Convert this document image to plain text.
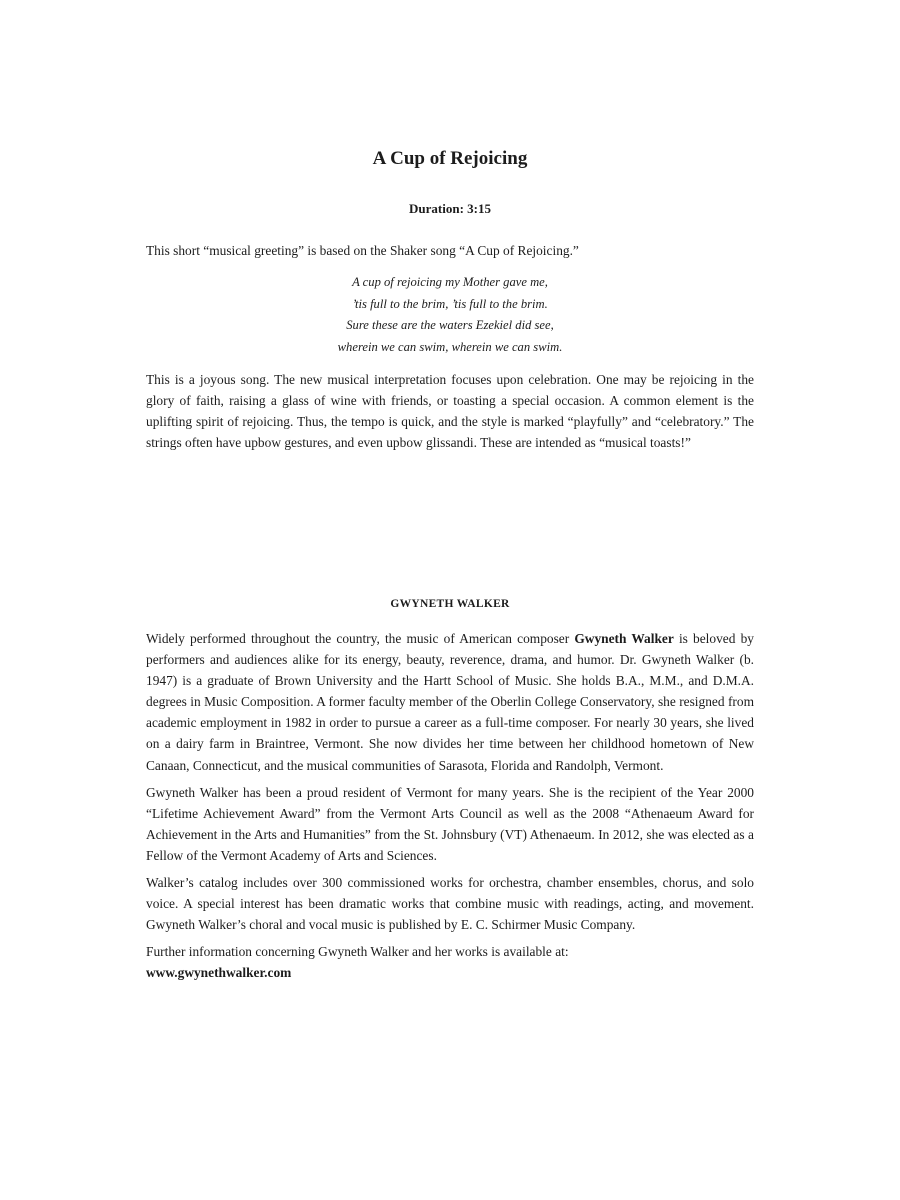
A Cup of Rejoicing

Duration: 3:15

This short “musical greeting” is based on the Shaker song “A Cup of Rejoicing.”

A cup of rejoicing my Mother gave me,
’tis full to the brim, ’tis full to the brim.
Sure these are the waters Ezekiel did see,
wherein we can swim, wherein we can swim.

This is a joyous song. The new musical interpretation focuses upon celebration. One may be rejoicing in the glory of faith, raising a glass of wine with friends, or toasting a special occasion. A common element is the uplifting spirit of rejoicing. Thus, the tempo is quick, and the style is marked “playfully” and “celebratory.” The strings often have upbow gestures, and even upbow glissandi. These are intended as “musical toasts!”

GWYNETH WALKER

Widely performed throughout the country, the music of American composer Gwyneth Walker is beloved by performers and audiences alike for its energy, beauty, reverence, drama, and humor. Dr. Gwyneth Walker (b. 1947) is a graduate of Brown University and the Hartt School of Music. She holds B.A., M.M., and D.M.A. degrees in Music Composition. A former faculty member of the Oberlin College Conservatory, she resigned from academic employment in 1982 in order to pursue a career as a full-time composer. For nearly 30 years, she lived on a dairy farm in Braintree, Vermont. She now divides her time between her childhood hometown of New Canaan, Connecticut, and the musical communities of Sarasota, Florida and Randolph, Vermont.

Gwyneth Walker has been a proud resident of Vermont for many years. She is the recipient of the Year 2000 “Lifetime Achievement Award” from the Vermont Arts Council as well as the 2008 “Athenaeum Award for Achievement in the Arts and Humanities” from the St. Johnsbury (VT) Athenaeum. In 2012, she was elected as a Fellow of the Vermont Academy of Arts and Sciences.

Walker’s catalog includes over 300 commissioned works for orchestra, chamber ensembles, chorus, and solo voice. A special interest has been dramatic works that combine music with readings, acting, and movement. Gwyneth Walker’s choral and vocal music is published by E. C. Schirmer Music Company.

Further information concerning Gwyneth Walker and her works is available at:
www.gwynethwalker.com
